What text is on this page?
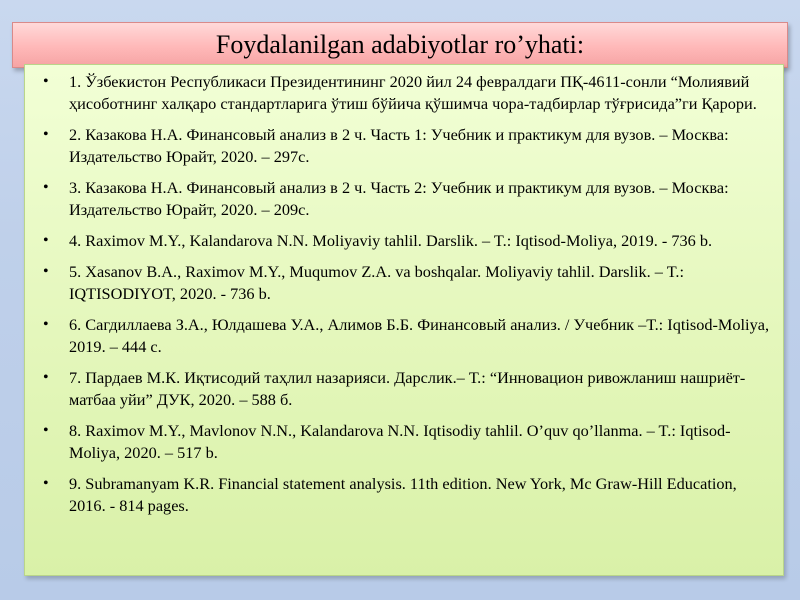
Foydalanilgan adabiyotlar ro’yhati:
• 1. Ўзбекистон Республикаси Президентининг 2020 йил 24 февралдаги ПҚ-4611-сонли “Молиявий ҳисоботнинг халқаро стандартларига ўтиш бўйича қўшимча чора-тадбирлар тўғрисида”ги Қарори.
• 2. Казакова Н.А. Финансовый анализ в 2 ч. Часть 1: Учебник и практикум для вузов. – Москва: Издательство Юрайт, 2020. – 297с.
• 3. Казакова Н.А. Финансовый анализ в 2 ч. Часть 2: Учебник и практикум для вузов. – Москва: Издательство Юрайт, 2020. – 209с.
• 4. Raximov M.Y., Kalandarova N.N. Moliyaviy tahlil. Darslik. – T.: Iqtisod-Moliya, 2019. - 736 b.
• 5. Xasanov B.A., Raximov M.Y., Muqumov Z.A. va boshqalar. Moliyaviy tahlil. Darslik. – T.: IQTISODIYOT, 2020. - 736 b.
• 6. Сагдиллаева З.А., Юлдашева У.А., Алимов Б.Б. Финансовый анализ. / Учебник –Т.: Iqtisod-Moliya, 2019. – 444 с.
• 7. Пардаев М.К. Иқтисодий таҳлил назарияси. Дарслик.– Т.: “Инновацион ривожланиш нашриёт-матбаа уйи” ДУК, 2020. – 588 б.
• 8. Raximov M.Y., Mavlonov N.N., Kalandarova N.N. Iqtisodiy tahlil. O’quv qo’llanma. – T.: Iqtisod-Moliya, 2020. – 517 b.
• 9. Subramanyam K.R. Financial statement analysis. 11th edition. New York, Mc Graw-Hill Education, 2016. - 814 pages.
